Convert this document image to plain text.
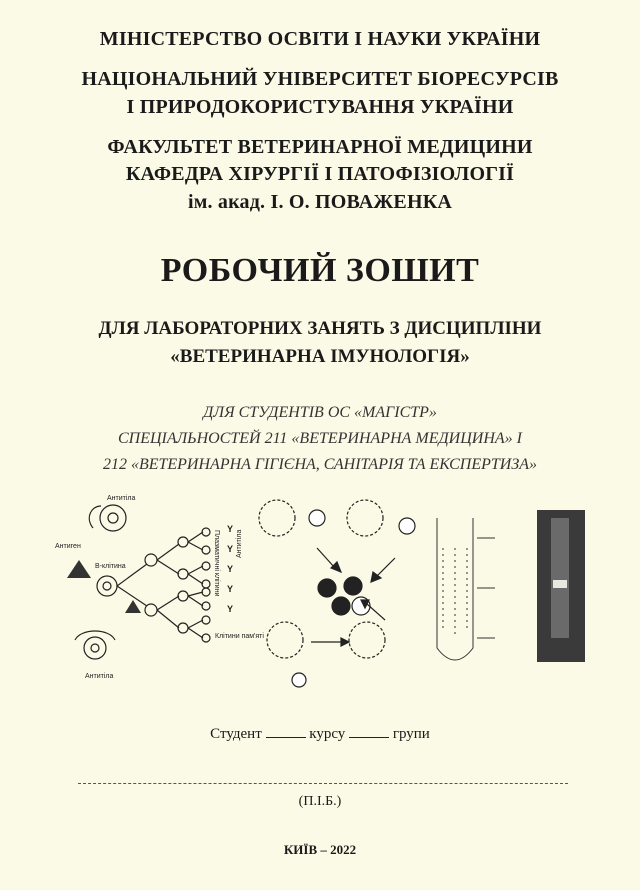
МІНІСТЕРСТВО ОСВІТИ І НАУКИ УКРАЇНИ
НАЦІОНАЛЬНИЙ УНІВЕРСИТЕТ БІОРЕСУРСІВ
І ПРИРОДОКОРИСТУВАННЯ УКРАЇНИ
ФАКУЛЬТЕТ ВЕТЕРИНАРНОЇ МЕДИЦИНИ
КАФЕДРА ХІРУРГІЇ І ПАТОФІЗІОЛОГІЇ
ім. акад. І. О. ПОВАЖЕНКА
РОБОЧИЙ ЗОШИТ
ДЛЯ ЛАБОРАТОРНИХ ЗАНЯТЬ З ДИСЦИПЛІНИ
«ВЕТЕРИНАРНА ІМУНОЛОГІЯ»
ДЛЯ СТУДЕНТІВ ОС «МАГІСТР»
СПЕЦІАЛЬНОСТЕЙ 211 «ВЕТЕРИНАРНА МЕДИЦИНА» І
212 «ВЕТЕРИНАРНА ГІГІЄНА, САНІТАРІЯ ТА ЕКСПЕРТИЗА»
Антитіла
Антиген
В-клітина	Плазматичні клітини
Y
Y
Y
Y
Y
Антитіла
Клітини пам'яті
Антитіла
Студент	курсу	групи
(П.І.Б.)
КИЇВ – 2022
